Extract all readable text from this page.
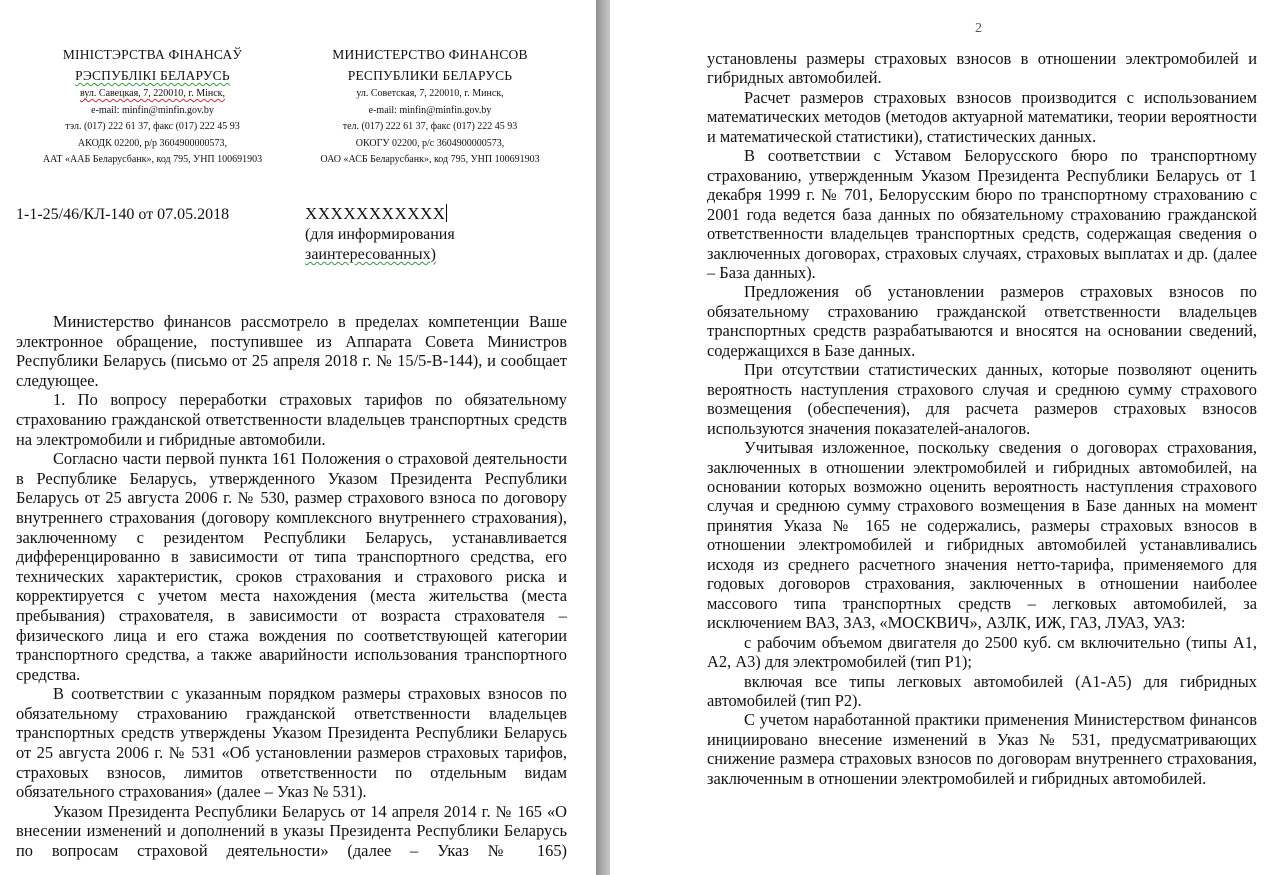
МІНІСТЭРСТВА ФІНАНСАЎ
РЭСПУБЛІКІ БЕЛАРУСЬ
вул. Савецкая, 7, 220010, г. Мінск,
e-mail: minfin@minfin.gov.by
тэл. (017) 222 61 37, факс (017) 222 45 93
АКОДК 02200, р/р 3604900000573,
ААТ «ААБ Беларусбанк», код 795, УНП 100691903
МИНИСТЕРСТВО ФИНАНСОВ
РЕСПУБЛИКИ БЕЛАРУСЬ
ул. Советская, 7, 220010, г. Минск,
e-mail: minfin@minfin.gov.by
тел. (017) 222 61 37, факс (017) 222 45 93
ОКОГУ 02200, р/с 3604900000573,
ОАО «АСБ Беларусбанк», код 795, УНП 100691903
1-1-25/46/КЛ-140 от 07.05.2018	XXXXXXXXXXX
(для информирования
заинтересованных)

Министерство финансов рассмотрело в пределах компетенции Ваше электронное обращение, поступившее из Аппарата Совета Министров Республики Беларусь (письмо от 25 апреля 2018 г. № 15/5-В-144), и сообщает следующее.

1. По вопросу переработки страховых тарифов по обязательному страхованию гражданской ответственности владельцев транспортных средств на электромобили и гибридные автомобили.

Согласно части первой пункта 161 Положения о страховой деятельности в Республике Беларусь, утвержденного Указом Президента Республики Беларусь от 25 августа 2006 г. № 530, размер страхового взноса по договору внутреннего страхования (договору комплексного внутреннего страхования), заключенному с резидентом Республики Беларусь, устанавливается дифференцированно в зависимости от типа транспортного средства, его технических характеристик, сроков страхования и страхового риска и корректируется с учетом места нахождения (места жительства (места пребывания) страхователя, в зависимости от возраста страхователя – физического лица и его стажа вождения по соответствующей категории транспортного средства, а также аварийности использования транспортного средства.

В соответствии с указанным порядком размеры страховых взносов по обязательному страхованию гражданской ответственности владельцев транспортных средств утверждены Указом Президента Республики Беларусь от 25 августа 2006 г. № 531 «Об установлении размеров страховых тарифов, страховых взносов, лимитов ответственности по отдельным видам обязательного страхования» (далее – Указ № 531).

Указом Президента Республики Беларусь от 14 апреля 2014 г. № 165 «О внесении изменений и дополнений в указы Президента Республики Беларусь по вопросам страховой деятельности» (далее – Указ № 165)

2

установлены размеры страховых взносов в отношении электромобилей и гибридных автомобилей.

Расчет размеров страховых взносов производится с использованием математических методов (методов актуарной математики, теории вероятности и математической статистики), статистических данных.

В соответствии с Уставом Белорусского бюро по транспортному страхованию, утвержденным Указом Президента Республики Беларусь от 1 декабря 1999 г. № 701, Белорусским бюро по транспортному страхованию с 2001 года ведется база данных по обязательному страхованию гражданской ответственности владельцев транспортных средств, содержащая сведения о заключенных договорах, страховых случаях, страховых выплатах и др. (далее – База данных).

Предложения об установлении размеров страховых взносов по обязательному страхованию гражданской ответственности владельцев транспортных средств разрабатываются и вносятся на основании сведений, содержащихся в Базе данных.

При отсутствии статистических данных, которые позволяют оценить вероятность наступления страхового случая и среднюю сумму страхового возмещения (обеспечения), для расчета размеров страховых взносов используются значения показателей-аналогов.

Учитывая изложенное, поскольку сведения о договорах страхования, заключенных в отношении электромобилей и гибридных автомобилей, на основании которых возможно оценить вероятность наступления страхового случая и среднюю сумму страхового возмещения в Базе данных на момент принятия Указа № 165 не содержались, размеры страховых взносов в отношении электромобилей и гибридных автомобилей устанавливались исходя из среднего расчетного значения нетто-тарифа, применяемого для годовых договоров страхования, заключенных в отношении наиболее массового типа транспортных средств – легковых автомобилей, за исключением ВАЗ, ЗАЗ, «МОСКВИЧ», АЗЛК, ИЖ, ГАЗ, ЛУАЗ, УАЗ:

с рабочим объемом двигателя до 2500 куб. см включительно (типы А1, А2, А3) для электромобилей (тип Р1);

включая все типы легковых автомобилей (А1-А5) для гибридных автомобилей (тип Р2).

С учетом наработанной практики применения Министерством финансов инициировано внесение изменений в Указ № 531, предусматривающих снижение размера страховых взносов по договорам внутреннего страхования, заключенным в отношении электромобилей и гибридных автомобилей.
